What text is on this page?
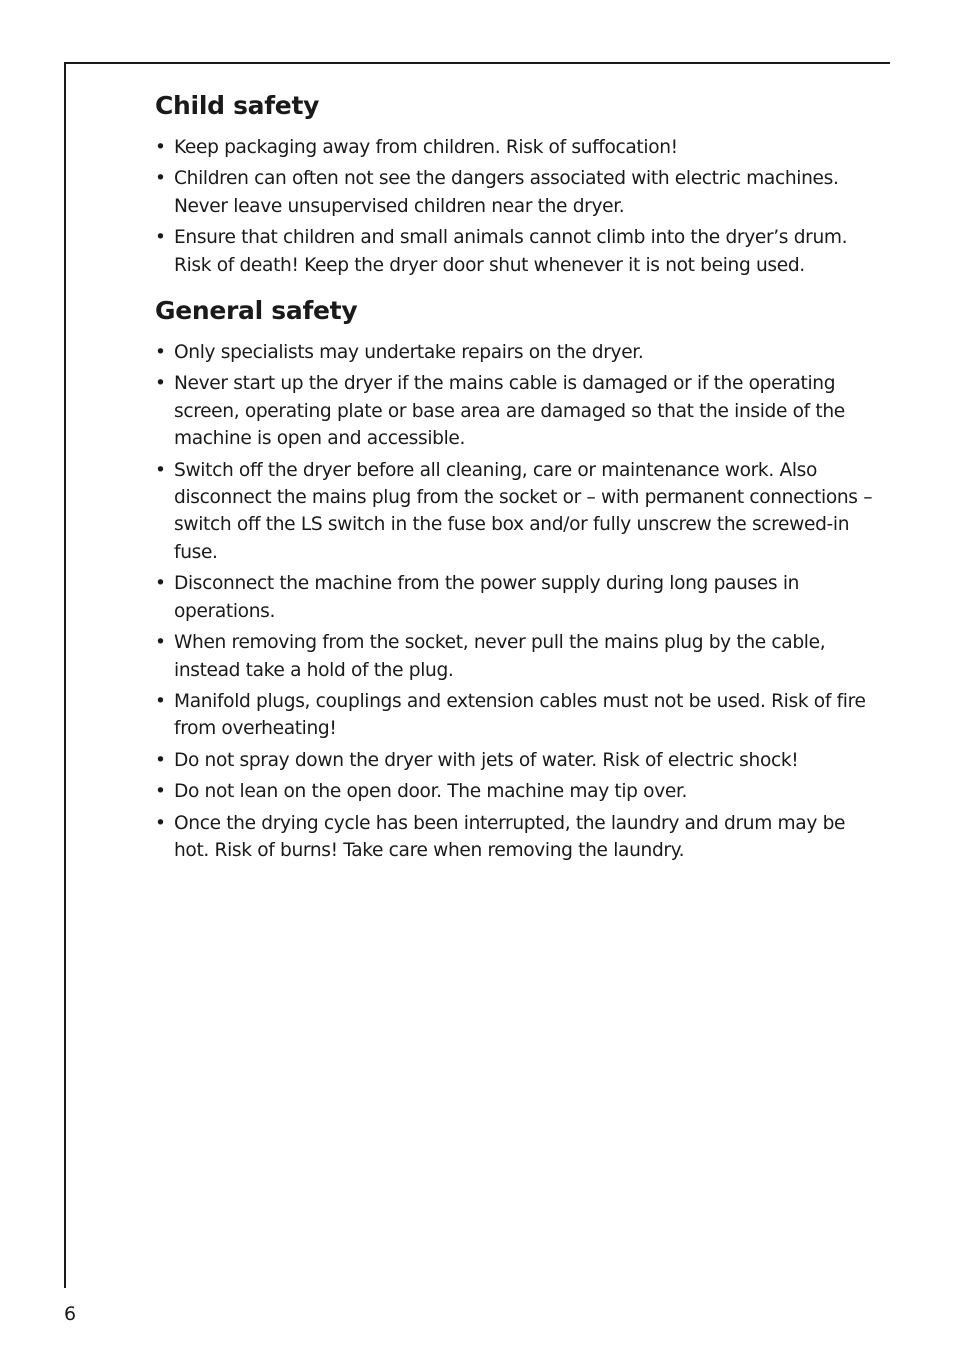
Child safety
• Keep packaging away from children. Risk of suffocation!
• Children can often not see the dangers associated with electric machines. Never leave unsupervised children near the dryer.
• Ensure that children and small animals cannot climb into the dryer’s drum. Risk of death! Keep the dryer door shut whenever it is not being used.
General safety
• Only specialists may undertake repairs on the dryer.
• Never start up the dryer if the mains cable is damaged or if the operating screen, operating plate or base area are damaged so that the inside of the machine is open and accessible.
• Switch off the dryer before all cleaning, care or maintenance work. Also disconnect the mains plug from the socket or – with permanent connections – switch off the LS switch in the fuse box and/or fully unscrew the screwed-in fuse.
• Disconnect the machine from the power supply during long pauses in operations.
• When removing from the socket, never pull the mains plug by the cable, instead take a hold of the plug.
• Manifold plugs, couplings and extension cables must not be used. Risk of fire from overheating!
• Do not spray down the dryer with jets of water. Risk of electric shock!
• Do not lean on the open door. The machine may tip over.
• Once the drying cycle has been interrupted, the laundry and drum may be hot. Risk of burns! Take care when removing the laundry.
6
